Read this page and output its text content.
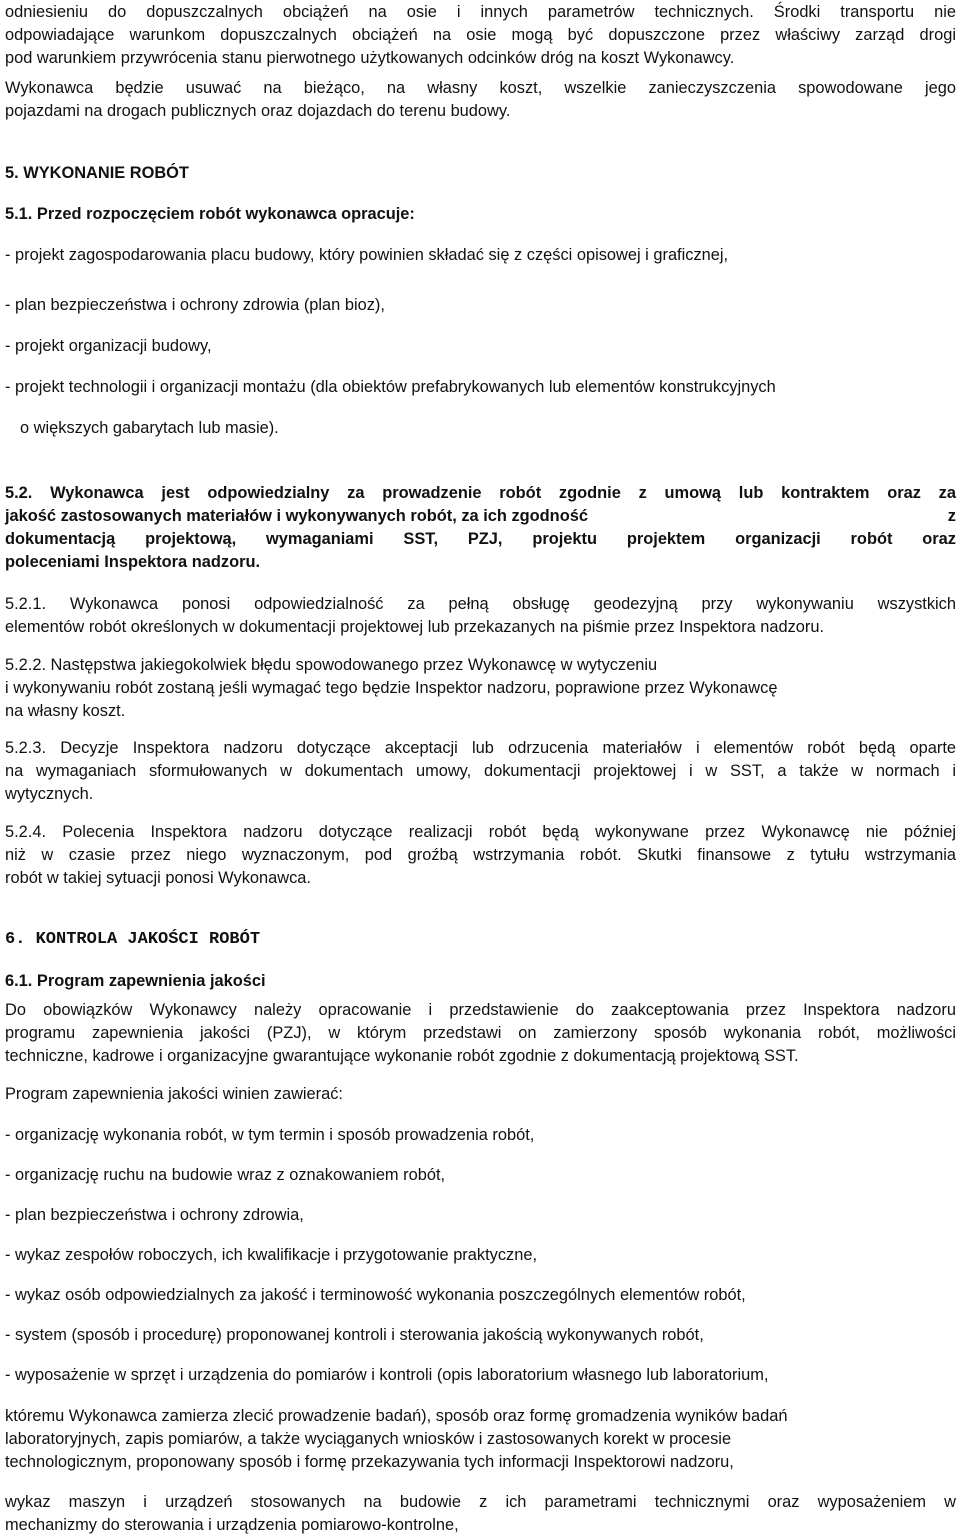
odniesieniu do dopuszczalnych obciążeń na osie i innych parametrów technicznych. Środki transportu nie
odpowiadające warunkom dopuszczalnych obciążeń na osie mogą być dopuszczone przez właściwy zarząd drogi
pod warunkiem przywrócenia stanu pierwotnego użytkowanych odcinków dróg na koszt Wykonawcy.
Wykonawca będzie usuwać na bieżąco, na własny koszt, wszelkie zanieczyszczenia spowodowane jego
pojazdami na drogach publicznych oraz dojazdach do terenu budowy.
5. WYKONANIE ROBÓT
5.1. Przed rozpoczęciem robót wykonawca opracuje:
- projekt zagospodarowania placu budowy, który powinien składać się z części opisowej i graficznej,
- plan bezpieczeństwa i ochrony zdrowia (plan bioz),
- projekt organizacji budowy,
- projekt technologii i organizacji montażu (dla obiektów prefabrykowanych lub elementów konstrukcyjnych
o większych gabarytach lub masie).
5.2. Wykonawca jest odpowiedzialny za prowadzenie robót zgodnie z umową lub kontraktem oraz za
jakość zastosowanych materiałów i wykonywanych robót, za ich zgodność	z
dokumentacją projektową, wymaganiami SST, PZJ, projektu projektem organizacji robót oraz
poleceniami Inspektora nadzoru.
5.2.1. Wykonawca ponosi odpowiedzialność za pełną obsługę geodezyjną przy wykonywaniu wszystkich
elementów robót określonych w dokumentacji projektowej lub przekazanych na piśmie przez Inspektora nadzoru.
5.2.2. Następstwa jakiegokolwiek błędu spowodowanego przez Wykonawcę w wytyczeniu
i wykonywaniu robót zostaną jeśli wymagać tego będzie Inspektor nadzoru, poprawione przez Wykonawcę
na własny koszt.
5.2.3. Decyzje Inspektora nadzoru dotyczące akceptacji lub odrzucenia materiałów i elementów robót będą oparte
na wymaganiach sformułowanych w dokumentach umowy, dokumentacji projektowej i w SST, a także w normach i
wytycznych.
5.2.4. Polecenia Inspektora nadzoru dotyczące realizacji robót będą wykonywane przez Wykonawcę nie później
niż w czasie przez niego wyznaczonym, pod groźbą wstrzymania robót. Skutki finansowe z tytułu wstrzymania
robót w takiej sytuacji ponosi Wykonawca.
6. KONTROLA JAKOŚCI ROBÓT
6.1. Program zapewnienia jakości
Do obowiązków Wykonawcy należy opracowanie i przedstawienie do zaakceptowania przez Inspektora nadzoru
programu zapewnienia jakości (PZJ), w którym przedstawi on zamierzony sposób wykonania robót, możliwości
techniczne, kadrowe i organizacyjne gwarantujące wykonanie robót zgodnie z dokumentacją projektową SST.
Program zapewnienia jakości winien zawierać:
- organizację wykonania robót, w tym termin i sposób prowadzenia robót,
- organizację ruchu na budowie wraz z oznakowaniem robót,
- plan bezpieczeństwa i ochrony zdrowia,
- wykaz zespołów roboczych, ich kwalifikacje i przygotowanie praktyczne,
- wykaz osób odpowiedzialnych za jakość i terminowość wykonania poszczególnych elementów robót,
- system (sposób i procedurę) proponowanej kontroli i sterowania jakością wykonywanych robót,
- wyposażenie w sprzęt i urządzenia do pomiarów i kontroli (opis laboratorium własnego lub laboratorium,
któremu Wykonawca zamierza zlecić prowadzenie badań), sposób oraz formę gromadzenia wyników badań
laboratoryjnych, zapis pomiarów, a także wyciąganych wniosków i zastosowanych korekt w procesie
technologicznym, proponowany sposób i formę przekazywania tych informacji Inspektorowi nadzoru,
wykaz maszyn i urządzeń stosowanych na budowie z ich parametrami technicznymi oraz wyposażeniem w
mechanizmy do sterowania i urządzenia pomiarowo-kontrolne,
